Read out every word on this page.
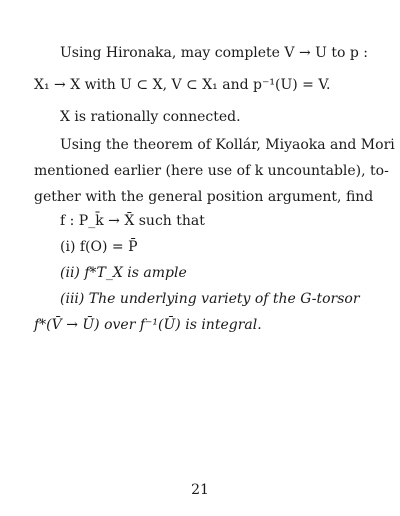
Using Hironaka, may complete V → U to p :
X₁ → X with U ⊂ X, V ⊂ X₁ and p⁻¹(U) = V.
X is rationally connected.
Using the theorem of Kollár, Miyaoka and Mori
mentioned earlier (here use of k uncountable), to-
gether with the general position argument, find
f : P_k̄ → X̄ such that
(i) f(O) = P̄
(ii) f*T_X is ample
(iii) The underlying variety of the G-torsor
f*(V̄ → Ū) over f⁻¹(Ū) is integral.
21
